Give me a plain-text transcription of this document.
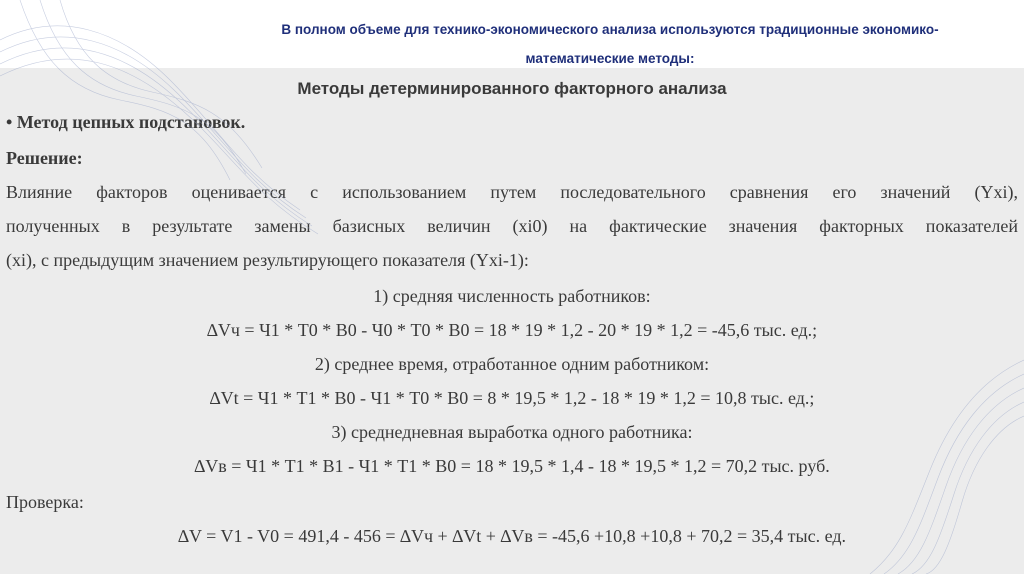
В полном объеме для технико-экономического анализа используются традиционные экономико-
математические методы:
Методы детерминированного факторного анализа
• Метод цепных подстановок.
Решение:
Влияние факторов оценивается с использованием путем последовательного сравнения его значений (Yxi),
полученных в результате замены базисных величин (xi0) на фактические значения факторных показателей
(xi), с предыдущим значением результирующего показателя (Yxi-1):
1) средняя численность работников:
∆Vч = Ч1 * Т0 * В0 - Ч0 * Т0 * В0 = 18 * 19 * 1,2 - 20 * 19 * 1,2 = -45,6 тыс. ед.;
2) среднее время, отработанное одним работником:
∆Vt = Ч1 * Т1 * В0 - Ч1 * Т0 * В0 = 8 * 19,5 * 1,2 - 18 * 19 * 1,2 = 10,8 тыс. ед.;
3) среднедневная выработка одного работника:
∆Vв = Ч1 * Т1 * В1 - Ч1 * Т1 * В0 = 18 * 19,5 * 1,4 - 18 * 19,5 * 1,2 = 70,2 тыс. руб.
Проверка:
∆V = V1 - V0 = 491,4 - 456 = ∆Vч + ∆Vt + ∆Vв = -45,6 +10,8 +10,8 + 70,2 = 35,4 тыс. ед.
